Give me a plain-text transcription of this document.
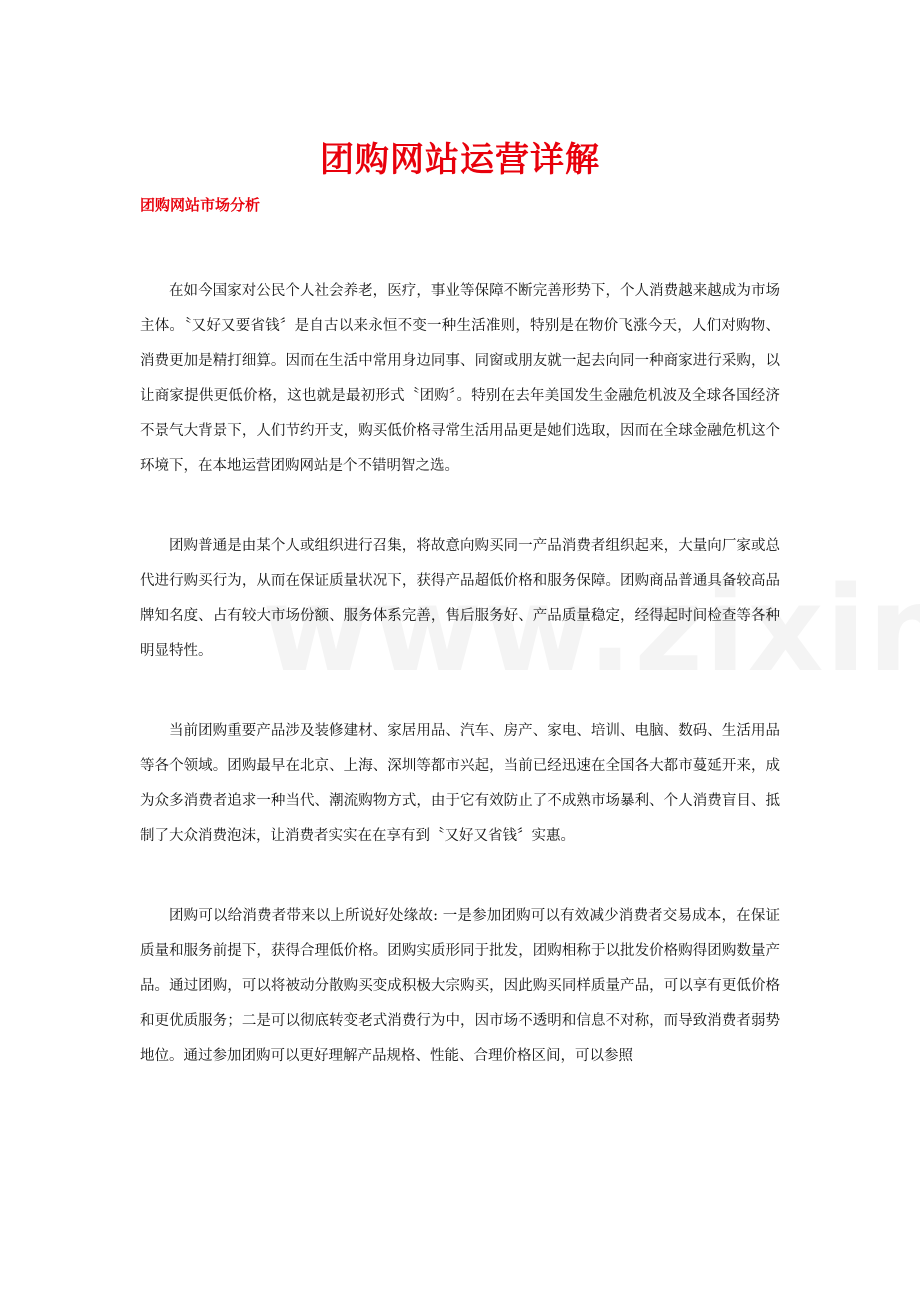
团购网站运营详解
团购网站市场分析

在如今国家对公民个人社会养老，医疗，事业等保障不断完善形势下，个人消费越来越成为市场主体。〝又好又要省钱〞是自古以来永恒不变一种生活准则，特别是在物价飞涨今天，人们对购物、消费更加是精打细算。因而在生活中常用身边同事、同窗或朋友就一起去向同一种商家进行采购，以让商家提供更低价格，这也就是最初形式〝团购〞。特别在去年美国发生金融危机波及全球各国经济不景气大背景下，人们节约开支，购买低价格寻常生活用品更是她们选取，因而在全球金融危机这个环境下，在本地运营团购网站是个不错明智之选。

团购普通是由某个人或组织进行召集，将故意向购买同一产品消费者组织起来，大量向厂家或总代进行购买行为，从而在保证质量状况下，获得产品超低价格和服务保障。团购商品普通具备较高品牌知名度、占有较大市场份额、服务体系完善，售后服务好、产品质量稳定，经得起时间检查等各种明显特性。

当前团购重要产品涉及装修建材、家居用品、汽车、房产、家电、培训、电脑、数码、生活用品等各个领域。团购最早在北京、上海、深圳等都市兴起，当前已经迅速在全国各大都市蔓延开来，成为众多消费者追求一种当代、潮流购物方式，由于它有效防止了不成熟市场暴利、个人消费盲目、抵制了大众消费泡沫，让消费者实实在在享有到〝又好又省钱〞实惠。

团购可以给消费者带来以上所说好处缘故: 一是参加团购可以有效减少消费者交易成本，在保证质量和服务前提下，获得合理低价格。团购实质形同于批发，团购相称于以批发价格购得团购数量产品。通过团购，可以将被动分散购买变成积极大宗购买，因此购买同样质量产品，可以享有更低价格和更优质服务；二是可以彻底转变老式消费行为中，因市场不透明和信息不对称，而导致消费者弱势地位。通过参加团购可以更好理解产品规格、性能、合理价格区间，可以参照
